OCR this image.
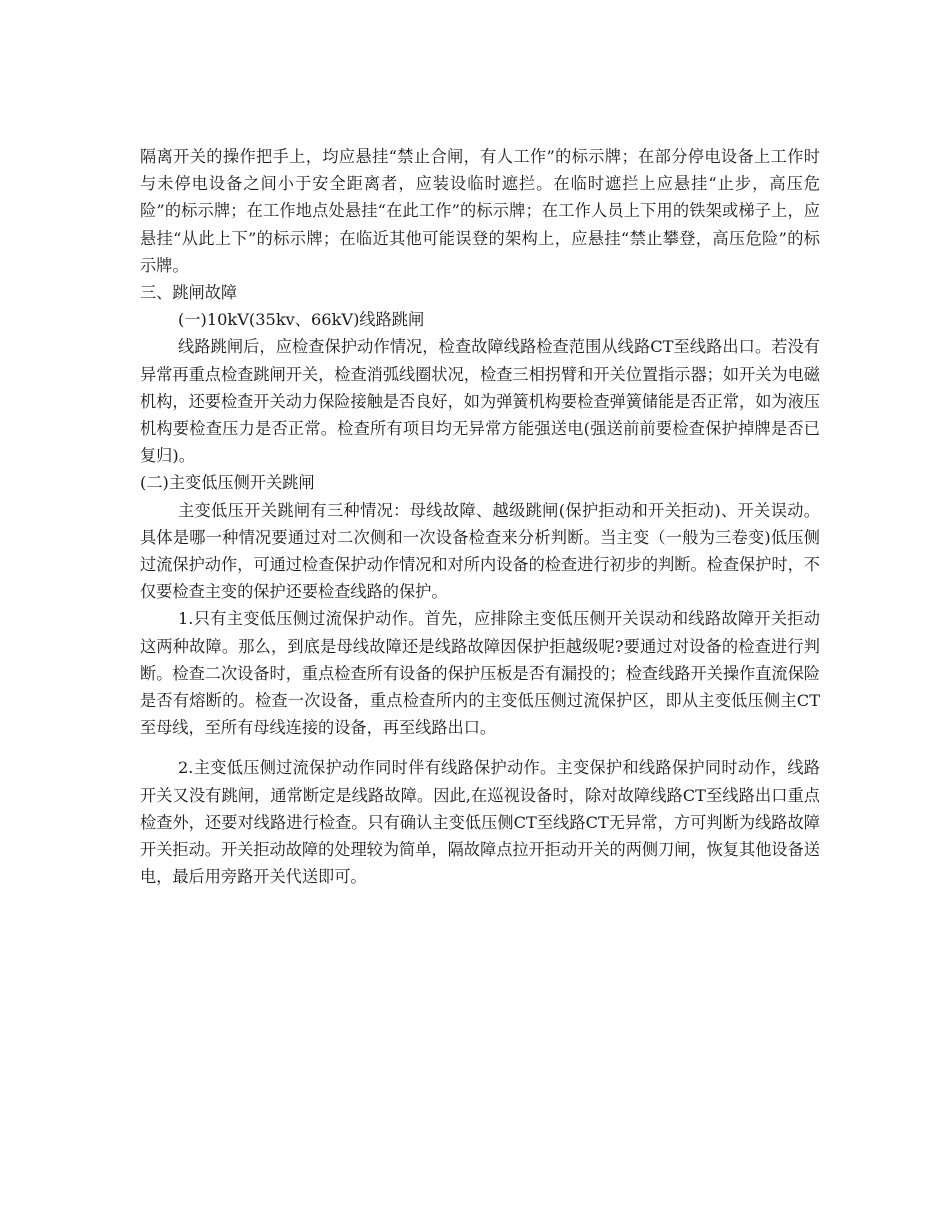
隔离开关的操作把手上，均应悬挂“禁止合闸，有人工作”的标示牌；在部分停电设备上工作时与未停电设备之间小于安全距离者，应装设临时遮拦。在临时遮拦上应悬挂“止步，高压危险”的标示牌；在工作地点处悬挂“在此工作”的标示牌；在工作人员上下用的铁架或梯子上，应悬挂“从此上下”的标示牌；在临近其他可能误登的架构上，应悬挂“禁止攀登，高压危险”的标示牌。

三、跳闸故障

(一)10kV(35kv、66kV)线路跳闸

线路跳闸后，应检查保护动作情况，检查故障线路检查范围从线路CT至线路出口。若没有异常再重点检查跳闸开关，检查消弧线圈状况，检查三相拐臂和开关位置指示器；如开关为电磁机构，还要检查开关动力保险接触是否良好，如为弹簧机构要检查弹簧储能是否正常，如为液压机构要检查压力是否正常。检查所有项目均无异常方能强送电(强送前前要检查保护掉牌是否已复归)。

(二)主变低压侧开关跳闸

主变低压开关跳闸有三种情况：母线故障、越级跳闸(保护拒动和开关拒动)、开关误动。具体是哪一种情况要通过对二次侧和一次设备检查来分析判断。当主变（一般为三卷变)低压侧过流保护动作，可通过检查保护动作情况和对所内设备的检查进行初步的判断。检查保护时，不仅要检查主变的保护还要检查线路的保护。

1.只有主变低压侧过流保护动作。首先，应排除主变低压侧开关误动和线路故障开关拒动这两种故障。那么，到底是母线故障还是线路故障因保护拒越级呢?要通过对设备的检查进行判断。检查二次设备时，重点检查所有设备的保护压板是否有漏投的；检查线路开关操作直流保险是否有熔断的。检查一次设备，重点检查所内的主变低压侧过流保护区，即从主变低压侧主CT至母线，至所有母线连接的设备，再至线路出口。

2.主变低压侧过流保护动作同时伴有线路保护动作。主变保护和线路保护同时动作，线路开关又没有跳闸，通常断定是线路故障。因此,在巡视设备时，除对故障线路CT至线路出口重点检查外，还要对线路进行检查。只有确认主变低压侧CT至线路CT无异常，方可判断为线路故障开关拒动。开关拒动故障的处理较为简单，隔故障点拉开拒动开关的两侧刀闸，恢复其他设备送电，最后用旁路开关代送即可。
